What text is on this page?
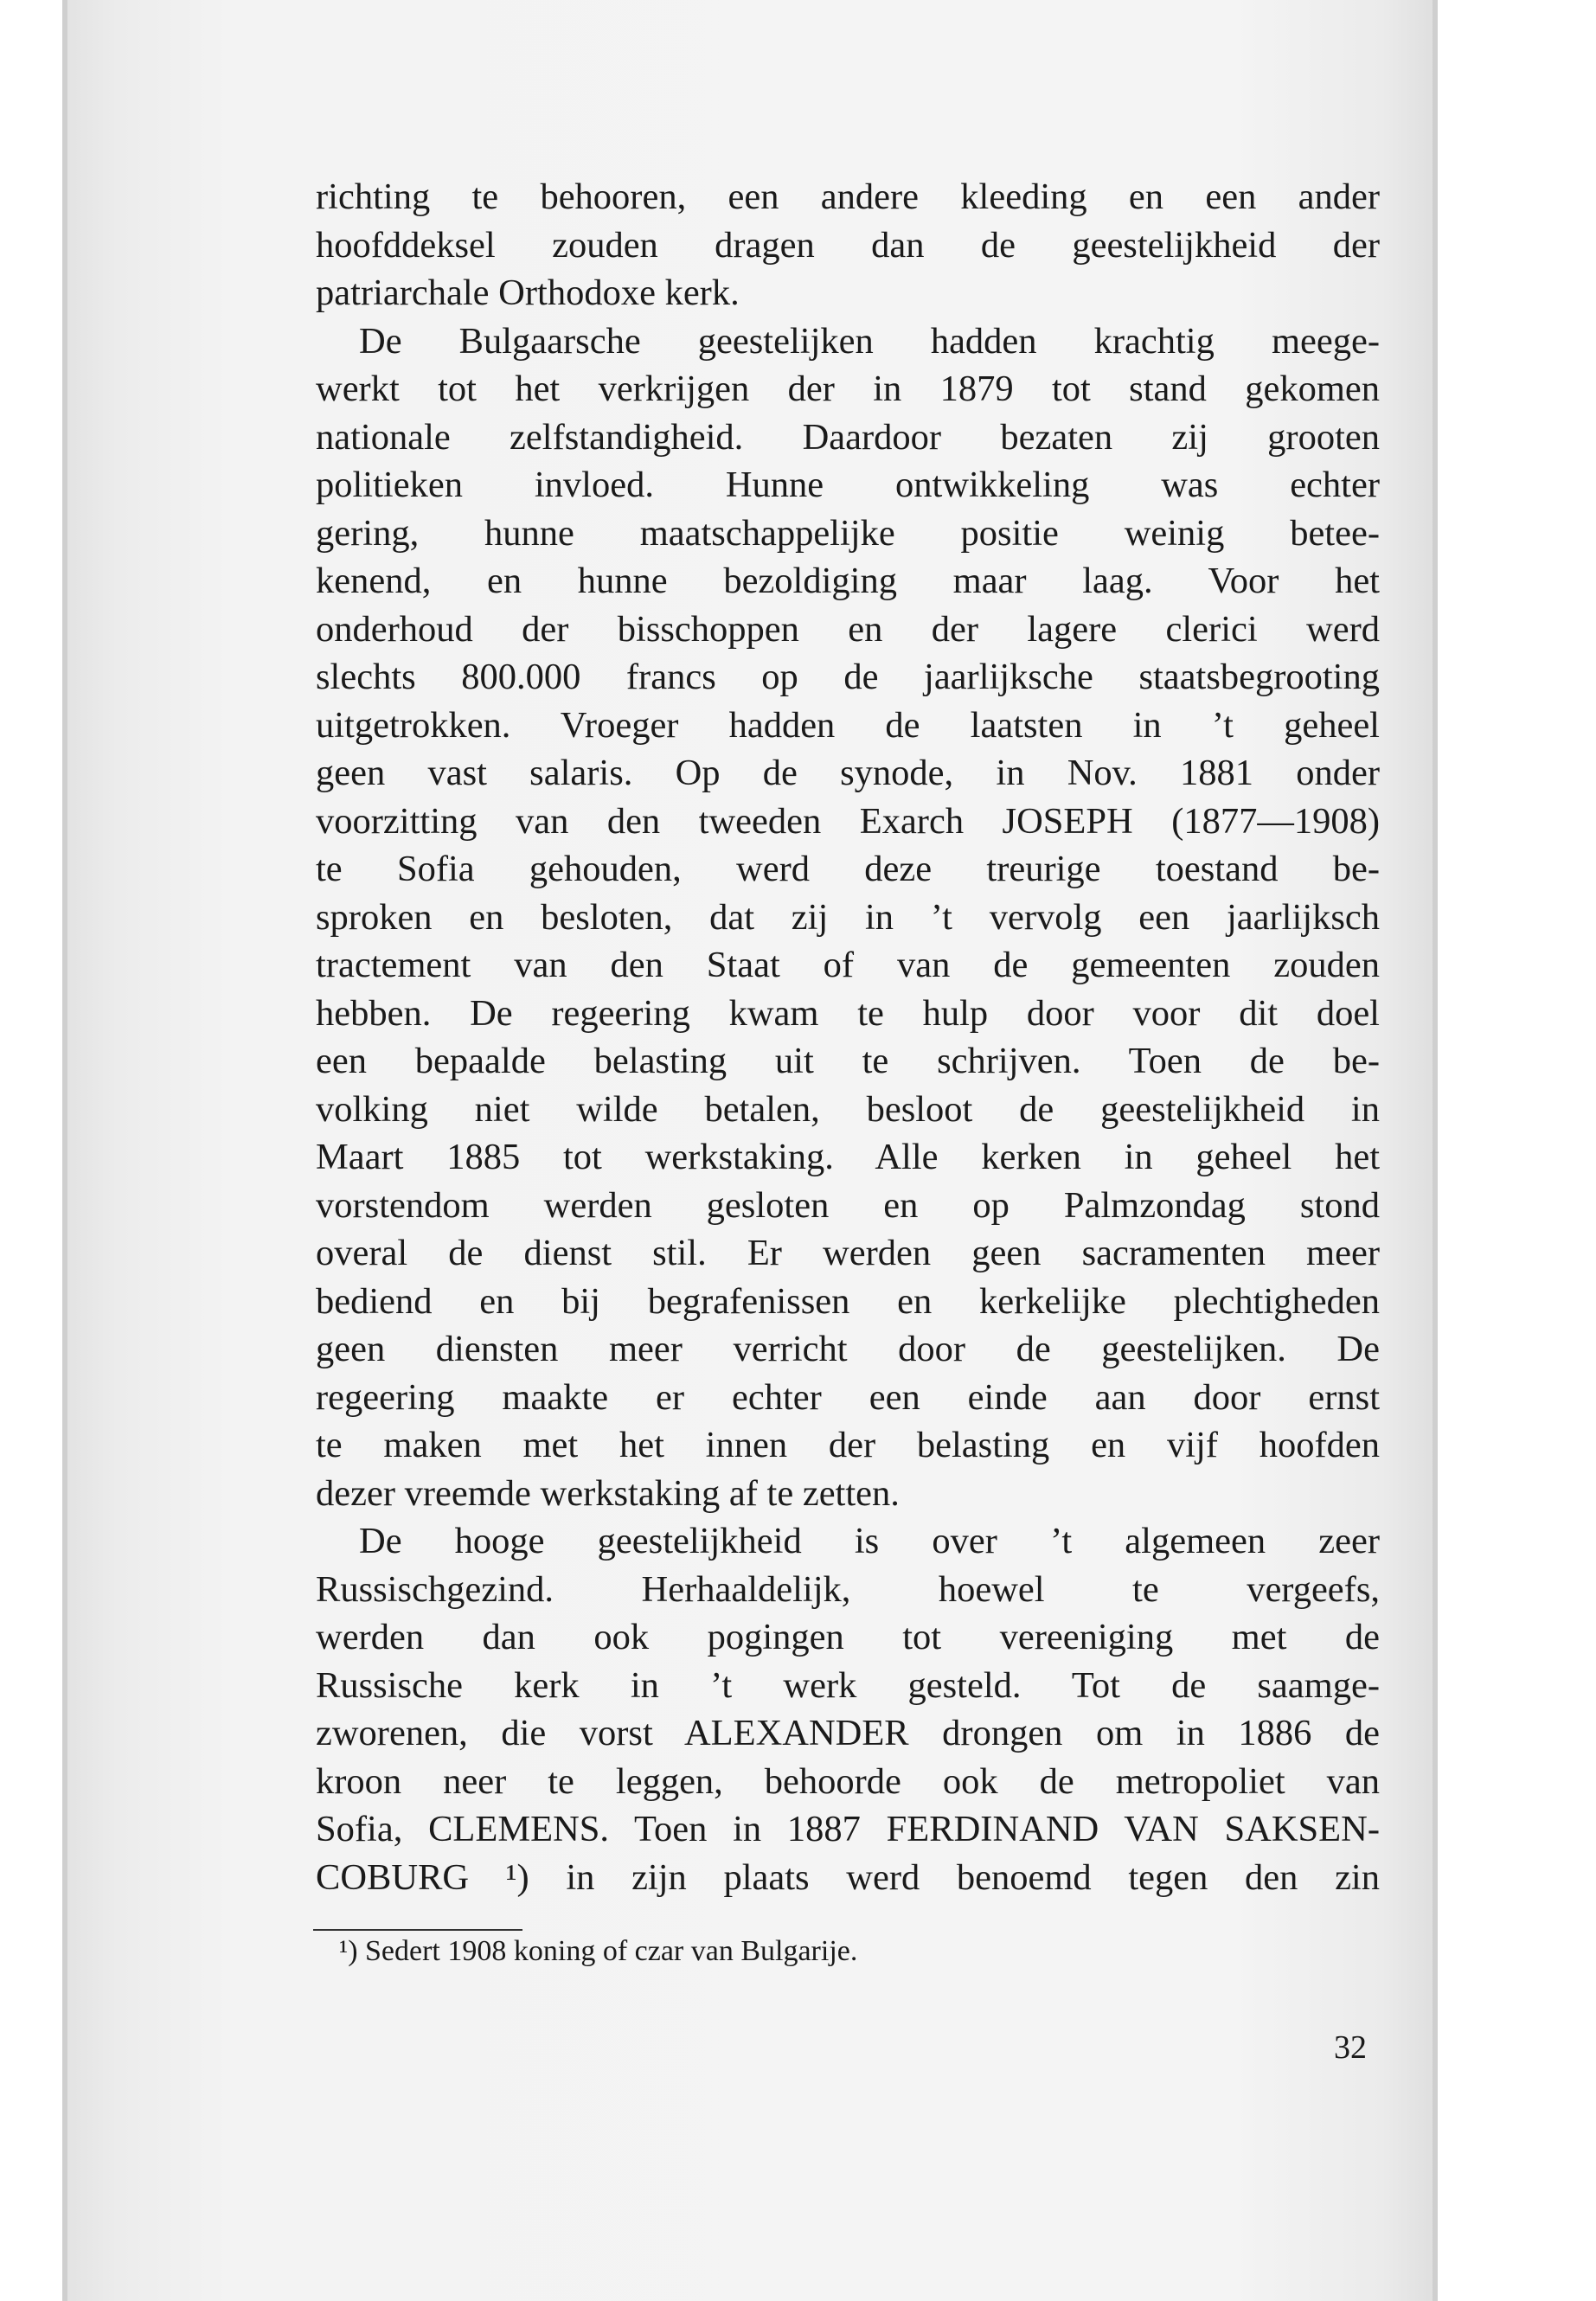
richting te behooren, een andere kleeding en een ander
hoofddeksel zouden dragen dan de geestelijkheid der
patriarchale Orthodoxe kerk.
De Bulgaarsche geestelijken hadden krachtig meege-
werkt tot het verkrijgen der in 1879 tot stand gekomen
nationale zelfstandigheid. Daardoor bezaten zij grooten
politieken invloed. Hunne ontwikkeling was echter
gering, hunne maatschappelijke positie weinig betee-
kenend, en hunne bezoldiging maar laag. Voor het
onderhoud der bisschoppen en der lagere clerici werd
slechts 800.000 francs op de jaarlijksche staatsbegrooting
uitgetrokken. Vroeger hadden de laatsten in ’t geheel
geen vast salaris. Op de synode, in Nov. 1881 onder
voorzitting van den tweeden Exarch JOSEPH (1877—1908)
te Sofia gehouden, werd deze treurige toestand be-
sproken en besloten, dat zij in ’t vervolg een jaarlijksch
tractement van den Staat of van de gemeenten zouden
hebben. De regeering kwam te hulp door voor dit doel
een bepaalde belasting uit te schrijven. Toen de be-
volking niet wilde betalen, besloot de geestelijkheid in
Maart 1885 tot werkstaking. Alle kerken in geheel het
vorstendom werden gesloten en op Palmzondag stond
overal de dienst stil. Er werden geen sacramenten meer
bediend en bij begrafenissen en kerkelijke plechtigheden
geen diensten meer verricht door de geestelijken. De
regeering maakte er echter een einde aan door ernst
te maken met het innen der belasting en vijf hoofden
dezer vreemde werkstaking af te zetten.
De hooge geestelijkheid is over ’t algemeen zeer
Russischgezind. Herhaaldelijk, hoewel te vergeefs,
werden dan ook pogingen tot vereeniging met de
Russische kerk in ’t werk gesteld. Tot de saamge-
zworenen, die vorst ALEXANDER drongen om in 1886 de
kroon neer te leggen, behoorde ook de metropoliet van
Sofia, CLEMENS. Toen in 1887 FERDINAND VAN SAKSEN-
COBURG ¹) in zijn plaats werd benoemd tegen den zin
¹) Sedert 1908 koning of czar van Bulgarije.
32
